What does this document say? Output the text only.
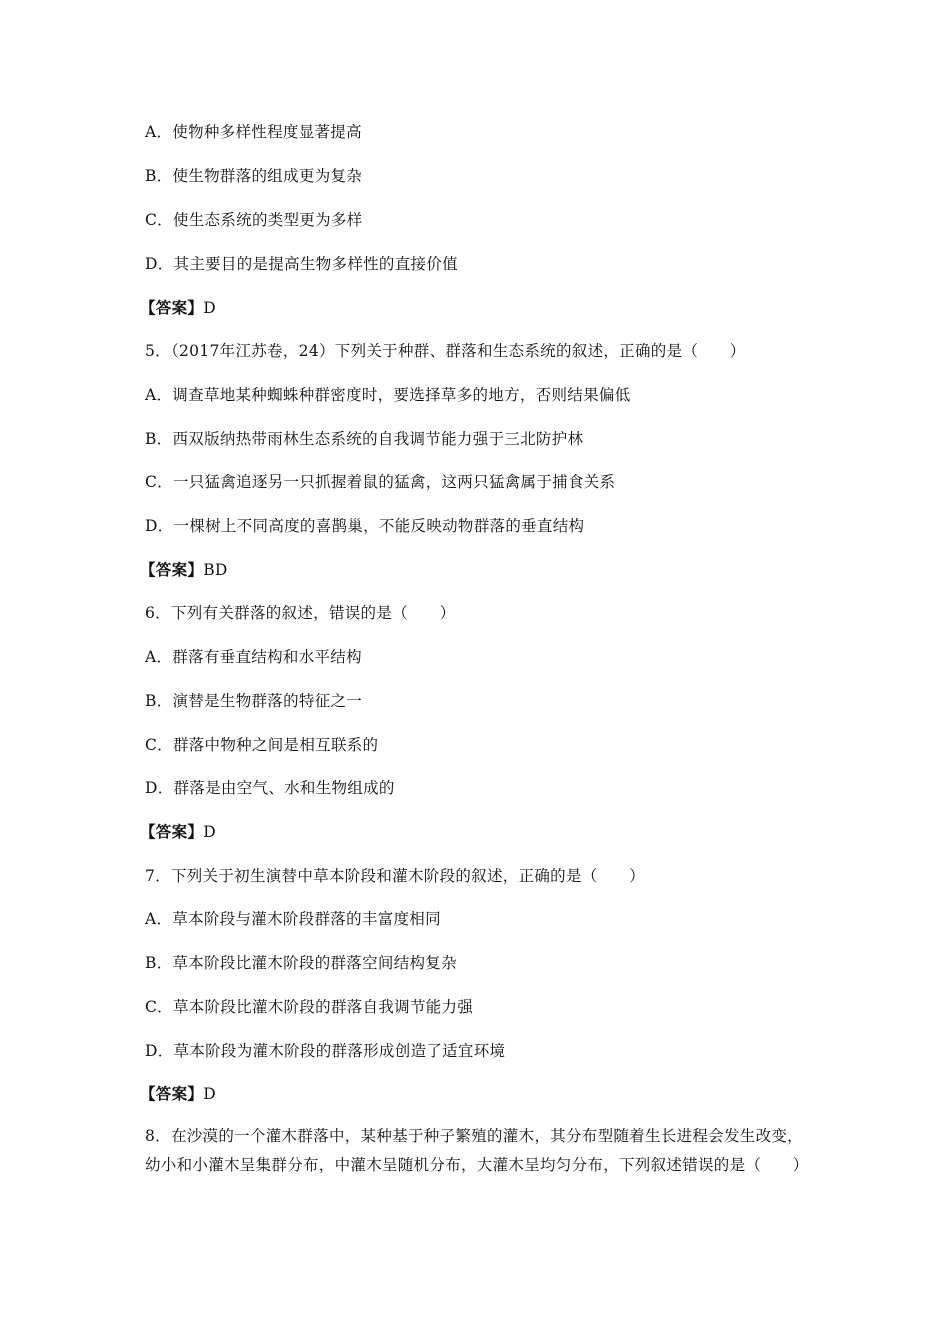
A．使物种多样性程度显著提高
B．使生物群落的组成更为复杂
C．使生态系统的类型更为多样
D．其主要目的是提高生物多样性的直接价值
【答案】D
5．（2017年江苏卷，24）下列关于种群、群落和生态系统的叙述，正确的是（　　）
A．调查草地某种蜘蛛种群密度时，要选择草多的地方，否则结果偏低
B．西双版纳热带雨林生态系统的自我调节能力强于三北防护林
C．一只猛禽追逐另一只抓握着鼠的猛禽，这两只猛禽属于捕食关系
D．一棵树上不同高度的喜鹊巢，不能反映动物群落的垂直结构
【答案】BD
6．下列有关群落的叙述，错误的是（　　）
A．群落有垂直结构和水平结构
B．演替是生物群落的特征之一
C．群落中物种之间是相互联系的
D．群落是由空气、水和生物组成的
【答案】D
7．下列关于初生演替中草本阶段和灌木阶段的叙述，正确的是（　　）
A．草本阶段与灌木阶段群落的丰富度相同
B．草本阶段比灌木阶段的群落空间结构复杂
C．草本阶段比灌木阶段的群落自我调节能力强
D．草本阶段为灌木阶段的群落形成创造了适宜环境
【答案】D
8．在沙漠的一个灌木群落中，某种基于种子繁殖的灌木，其分布型随着生长进程会发生改变，幼小和小灌木呈集群分布，中灌木呈随机分布，大灌木呈均匀分布，下列叙述错误的是（　　）
